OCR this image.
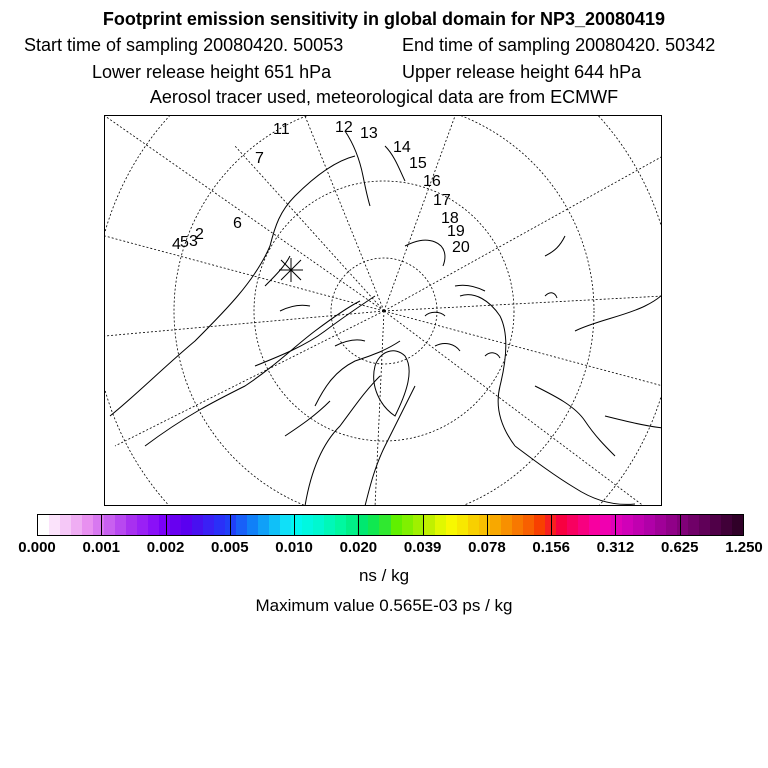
Footprint emission sensitivity in global domain for NP3_20080419
Start time of sampling 20080420. 50053	End time of sampling 20080420. 50342
Lower release height 651 hPa	Upper release height 644 hPa
Aerosol tracer used, meteorological data are from ECMWF
11	12 13
14
15
16
17
18
19
20
7
6
2
4 5 3
0.000 0.001 0.002 0.005 0.010 0.020 0.039 0.078 0.156 0.312 0.625 1.250
ns / kg
Maximum value 0.565E-03 ps / kg
